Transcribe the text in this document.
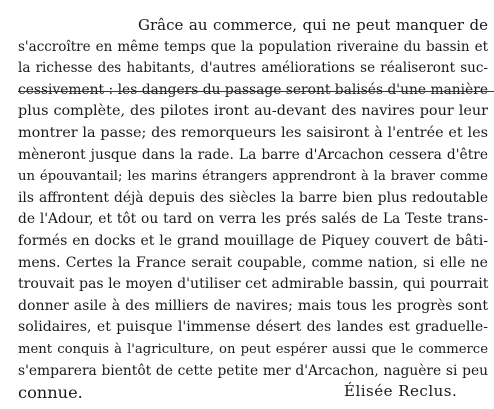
Grâce au commerce, qui ne peut manquer de
s'accroître en même temps que la population riveraine du bassin et
la richesse des habitants, d'autres améliorations se réaliseront suc-
cessivement : les dangers du passage seront balisés d'une manière
plus complète, des pilotes iront au-devant des navires pour leur
montrer la passe; des remorqueurs les saisiront à l'entrée et les
mèneront jusque dans la rade. La barre d'Arcachon cessera d'être
un épouvantail; les marins étrangers apprendront à la braver comme
ils affrontent déjà depuis des siècles la barre bien plus redoutable
de l'Adour, et tôt ou tard on verra les prés salés de La Teste trans-
formés en docks et le grand mouillage de Piquey couvert de bâti-
mens. Certes la France serait coupable, comme nation, si elle ne
trouvait pas le moyen d'utiliser cet admirable bassin, qui pourrait
donner asile à des milliers de navires; mais tous les progrès sont
solidaires, et puisque l'immense désert des landes est graduelle-
ment conquis à l'agriculture, on peut espérer aussi que le commerce
s'emparera bientôt de cette petite mer d'Arcachon, naguère si peu
connue.	Élisée Reclus.
